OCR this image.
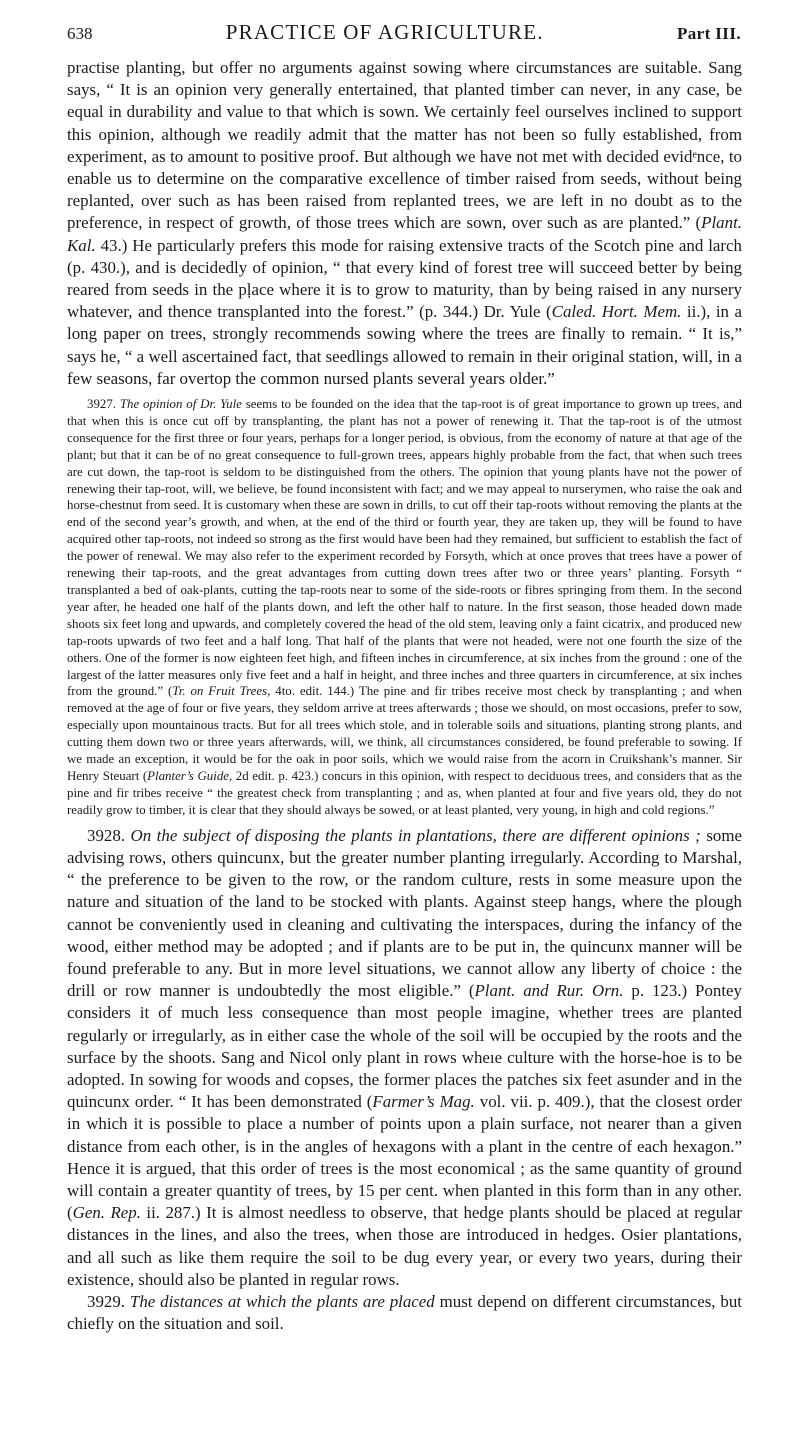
638	PRACTICE OF AGRICULTURE.	Part III.

practise planting, but offer no arguments against sowing where circumstances are suitable. Sang says, “ It is an opinion very generally entertained, that planted timber can never, in any case, be equal in durability and value to that which is sown. We certainly feel ourselves inclined to support this opinion, although we readily admit that the matter has not been so fully established, from experiment, as to amount to positive proof. But although we have not met with decided evidᵉnce, to enable us to determine on the comparative excellence of timber raised from seeds, without being replanted, over such as has been raised from replanted trees, we are left in no doubt as to the preference, in respect of growth, of those trees which are sown, over such as are planted.” (Plant. Kal. 43.) He particularly prefers this mode for raising extensive tracts of the Scotch pine and larch (p. 430.), and is decidedly of opinion, “ that every kind of forest tree will succeed better by being reared from seeds in the pļace where it is to grow to maturity, than by being raised in any nursery whatever, and thence transplanted into the forest.” (p. 344.) Dr. Yule (Caled. Hort. Mem. ii.), in a long paper on trees, strongly recommends sowing where the trees are finally to remain. “ It is,” says he, “ a well ascertained fact, that seedlings allowed to remain in their original station, will, in a few seasons, far overtop the common nursed plants several years older.”

3927. The opinion of Dr. Yule seems to be founded on the idea that the tap-root is of great importance to grown up trees, and that when this is once cut off by transplanting, the plant has not a power of renewing it. That the tap-root is of the utmost consequence for the first three or four years, perhaps for a longer period, is obvious, from the economy of nature at that age of the plant; but that it can be of no great consequence to full-grown trees, appears highly probable from the fact, that when such trees are cut down, the tap-root is seldom to be distinguished from the others. The opinion that young plants have not the power of renewing their tap-root, will, we believe, be found inconsistent with fact; and we may appeal to nurserymen, who raise the oak and horse-chestnut from seed. It is customary when these are sown in drills, to cut off their tap-roots without removing the plants at the end of the second year’s growth, and when, at the end of the third or fourth year, they are taken up, they will be found to have acquired other tap-roots, not indeed so strong as the first would have been had they remained, but sufficient to establish the fact of the power of renewal. We may also refer to the experiment recorded by Forsyth, which at once proves that trees have a power of renewing their tap-roots, and the great advantages from cutting down trees after two or three years’ planting. Forsyth “ transplanted a bed of oak-plants, cutting the tap-roots near to some of the side-roots or fibres springing from them. In the second year after, he headed one half of the plants down, and left the other half to nature. In the first season, those headed down made shoots six feet long and upwards, and completely covered the head of the old stem, leaving only a faint cicatrix, and produced new tap-roots upwards of two feet and a half long. That half of the plants that were not headed, were not one fourth the size of the others. One of the former is now eighteen feet high, and fifteen inches in circumference, at six inches from the ground : one of the largest of the latter measures only five feet and a half in height, and three inches and three quarters in circumference, at six inches from the ground.” (Tr. on Fruit Trees, 4to. edit. 144.) The pine and fir tribes receive most check by transplanting ; and when removed at the age of four or five years, they seldom arrive at trees afterwards ; those we should, on most occasions, prefer to sow, especially upon mountainous tracts. But for all trees which stole, and in tolerable soils and situations, planting strong plants, and cutting them down two or three years afterwards, will, we think, all circumstances considered, be found preferable to sowing. If we made an exception, it would be for the oak in poor soils, which we would raise from the acorn in Cruikshank’s manner. Sir Henry Steuart (Planter’s Guide, 2d edit. p. 423.) concurs in this opinion, with respect to deciduous trees, and considers that as the pine and fir tribes receive “ the greatest check from transplanting ; and as, when planted at four and five years old, they do not readily grow to timber, it is clear that they should always be sowed, or at least planted, very young, in high and cold regions.”

3928. On the subject of disposing the plants in plantations, there are different opinions ; some advising rows, others quincunx, but the greater number planting irregularly. According to Marshal, “ the preference to be given to the row, or the random culture, rests in some measure upon the nature and situation of the land to be stocked with plants. Against steep hangs, where the plough cannot be conveniently used in cleaning and cultivating the interspaces, during the infancy of the wood, either method may be adopted ; and if plants are to be put in, the quincunx manner will be found preferable to any. But in more level situations, we cannot allow any liberty of choice : the drill or row manner is undoubtedly the most eligible.” (Plant. and Rur. Orn. p. 123.) Pontey considers it of much less consequence than most people imagine, whether trees are planted regularly or irregularly, as in either case the whole of the soil will be occupied by the roots and the surface by the shoots. Sang and Nicol only plant in rows wheıe culture with the horse-hoe is to be adopted. In sowing for woods and copses, the former places the patches six feet asunder and in the quincunx order. “ It has been demonstrated (Farmer’s Mag. vol. vii. p. 409.), that the closest order in which it is possible to place a number of points upon a plain surface, not nearer than a given distance from each other, is in the angles of hexagons with a plant in the centre of each hexagon.” Hence it is argued, that this order of trees is the most economical ; as the same quantity of ground will contain a greater quantity of trees, by 15 per cent. when planted in this form than in any other. (Gen. Rep. ii. 287.) It is almost needless to observe, that hedge plants should be placed at regular distances in the lines, and also the trees, when those are introduced in hedges. Osier plantations, and all such as like them require the soil to be dug every year, or every two years, during their existence, should also be planted in regular rows.

3929. The distances at which the plants are placed must depend on different circumstances, but chiefly on the situation and soil.
